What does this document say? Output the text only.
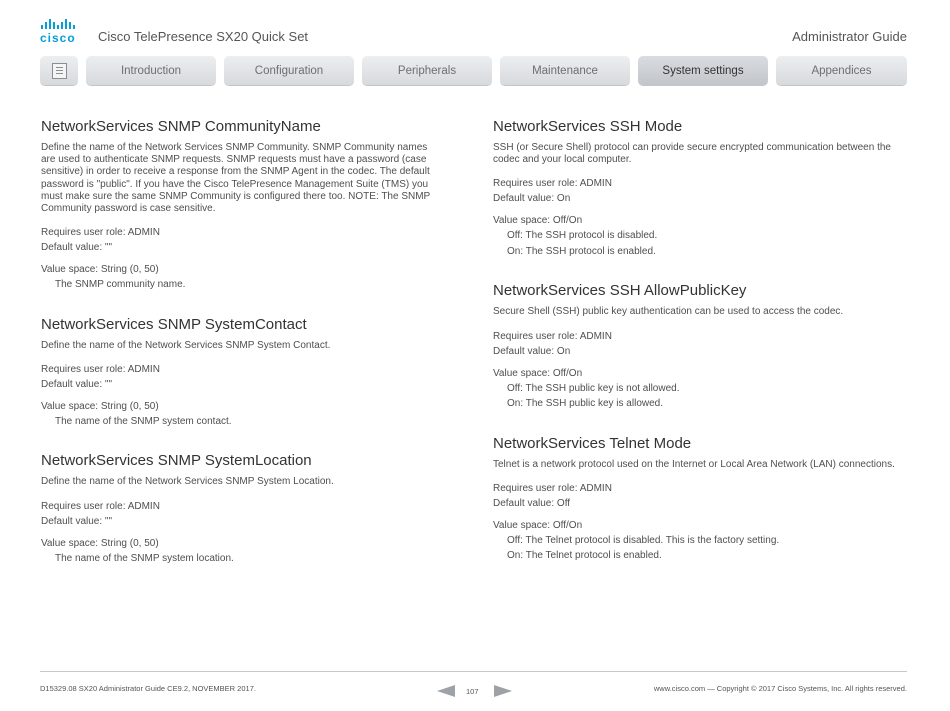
cisco	Cisco TelePresence SX20 Quick Set	Administrator Guide
Introduction	Configuration	Peripherals	Maintenance	System settings	Appendices
NetworkServices SNMP CommunityName

Define the name of the Network Services SNMP Community. SNMP Community names are used to authenticate SNMP requests. SNMP requests must have a password (case sensitive) in order to receive a response from the SNMP Agent in the codec. The default password is "public". If you have the Cisco TelePresence Management Suite (TMS) you must make sure the same SNMP Community is configured there too. NOTE: The SNMP Community password is case sensitive.

Requires user role: ADMIN

Default value: ""

Value space: String (0, 50)

The SNMP community name.

NetworkServices SNMP SystemContact

Define the name of the Network Services SNMP System Contact.

Requires user role: ADMIN

Default value: ""

Value space: String (0, 50)

The name of the SNMP system contact.

NetworkServices SNMP SystemLocation

Define the name of the Network Services SNMP System Location.

Requires user role: ADMIN

Default value: ""

Value space: String (0, 50)

The name of the SNMP system location.

NetworkServices SSH Mode

SSH (or Secure Shell) protocol can provide secure encrypted communication between the codec and your local computer.

Requires user role: ADMIN

Default value: On

Value space: Off/On

Off: The SSH protocol is disabled.

On: The SSH protocol is enabled.

NetworkServices SSH AllowPublicKey

Secure Shell (SSH) public key authentication can be used to access the codec.

Requires user role: ADMIN

Default value: On

Value space: Off/On

Off: The SSH public key is not allowed.

On: The SSH public key is allowed.

NetworkServices Telnet Mode

Telnet is a network protocol used on the Internet or Local Area Network (LAN) connections.

Requires user role: ADMIN

Default value: Off

Value space: Off/On

Off: The Telnet protocol is disabled. This is the factory setting.

On: The Telnet protocol is enabled.

D15329.08 SX20 Administrator Guide CE9.2, NOVEMBER 2017.	107	www.cisco.com — Copyright © 2017 Cisco Systems, Inc. All rights reserved.
